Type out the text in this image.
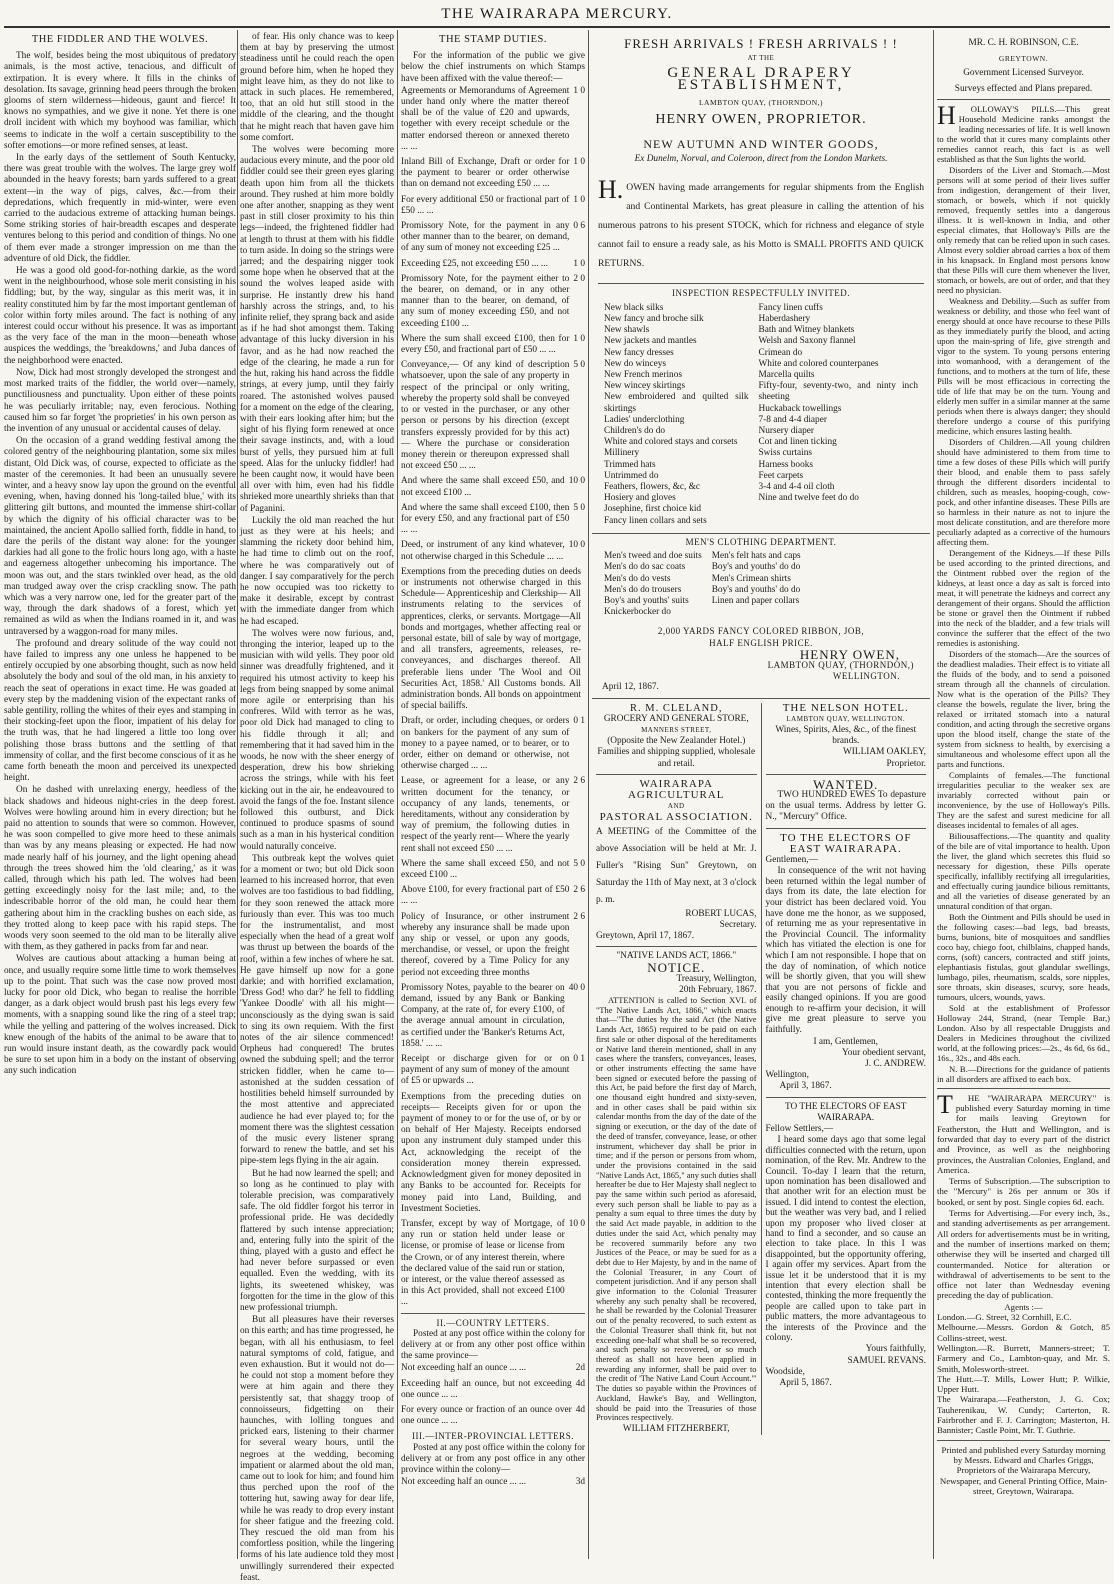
THE WAIRARAPA MERCURY.
THE FIDDLER AND THE WOLVES.

The wolf, besides being the most ubiquitous of predatory animals, is the most active, tenacious, and difficult of extirpation. It is every where. It fills in the chinks of desolation. Its savage, grinning head peers through the broken glooms of stern wilderness—hideous, gaunt and fierce! It knows no sympathies, and we give it none. Yet there is one droll incident with which my boyhood was familiar, which seems to indicate in the wolf a certain susceptibility to the softer emotions—or more refined senses, at least.

In the early days of the settlement of South Kentucky, there was great trouble with the wolves. The large grey wolf abounded in the heavy forests; barn yards suffered to a great extent—in the way of pigs, calves, &c.—from their depredations, which frequently in mid-winter, were even carried to the audacious extreme of attacking human beings. Some striking stories of hair-breadth escapes and desperate ventures belong to this period and condition of things. No one of them ever made a stronger impression on me than the adventure of old Dick, the fiddler.

He was a good old good-for-nothing darkie, as the word went in the neighbourhood, whose sole merit consisting in his fiddling; but, by the way, singular as this merit was, it in reality constituted him by far the most important gentleman of color within forty miles around. The fact is nothing of any interest could occur without his presence. It was as important as the very face of the man in the moon—beneath whose auspices the weddings, the 'breakdowns,' and Juba dances of the neighborhood were enacted.

Now, Dick had most strongly developed the strongest and most marked traits of the fiddler, the world over—namely, punctiliousness and punctuality. Upon either of these points he was peculiarly irritable; nay, even ferocious. Nothing caused him so far forget 'the proprieties' in his own person as the invention of any unusual or accidental causes of delay.

On the occasion of a grand wedding festival among the colored gentry of the neighbouring plantation, some six miles distant, Old Dick was, of course, expected to officiate as the master of the ceremonies. It had been an unusually severe winter, and a heavy snow lay upon the ground on the eventful evening, when, having donned his 'long-tailed blue,' with its glittering gilt buttons, and mounted the immense shirt-collar by which the dignity of his official character was to be maintained, the ancient Apollo sallied forth, fiddle in hand, to dare the perils of the distant way alone: for the younger darkies had all gone to the frolic hours long ago, with a haste and eagerness altogether unbecoming his importance. The moon was out, and the stars twinkled over head, as the old man trudged away over the crisp crackling snow. The path which was a very narrow one, led for the greater part of the way, through the dark shadows of a forest, which yet remained as wild as when the Indians roamed in it, and was untraversed by a waggon-road for many miles.

The profound and dreary solitude of the way could not have failed to impress any one unless he happened to be entirely occupied by one absorbing thought, such as now held absolutely the body and soul of the old man, in his anxiety to reach the seat of operations in exact time. He was goaded at every step by the maddening vision of the expectant ranks of sable gentility, rolling the whites of their eyes and stamping in their stocking-feet upon the floor, impatient of his delay for the truth was, that he had lingered a little too long over polishing those brass buttons and the settling of that immensity of collar, and the first become conscious of it as he came forth beneath the moon and perceived its unexpected height.

On he dashed with unrelaxing energy, heedless of the black shadows and hideous night-cries in the deep forest. Wolves were howling around him in every direction; but he paid no attention to sounds that were so common. However, he was soon compelled to give more heed to these animals than was by any means pleasing or expected. He had now made nearly half of his journey, and the light opening ahead through the trees showed him the 'old clearing,' as it was called, through which his path led. The wolves had been getting exceedingly noisy for the last mile; and, to the indescribable horror of the old man, he could hear them gathering about him in the crackling bushes on each side, as they trotted along to keep pace with his rapid steps. The woods very soon seemed to the old man to be literally alive with them, as they gathered in packs from far and near.

Wolves are cautious about attacking a human being at once, and usually require some little time to work themselves up to the point. That such was the case now proved most lucky for poor old Dick, who began to realise the horrible danger, as a dark object would brush past his legs every few moments, with a snapping sound like the ring of a steel trap; while the yelling and pattering of the wolves increased. Dick knew enough of the habits of the animal to be aware that to run would insure instant death, as the cowardly pack would be sure to set upon him in a body on the instant of observing any such indication

of fear. His only chance was to keep them at bay by preserving the utmost steadiness until he could reach the open ground before him, when he hoped they might leave him, as they do not like to attack in such places. He remembered, too, that an old hut still stood in the middle of the clearing, and the thought that he might reach that haven gave him some comfort.

The wolves were becoming more audacious every minute, and the poor old fiddler could see their green eyes glaring death upon him from all the thickets around. They rushed at him more boldly one after another, snapping as they went past in still closer proximity to his thin legs—indeed, the frightened fiddler had at length to thrust at them with his fiddle to turn aside. In doing so the strings were jarred; and the despairing nigger took some hope when he observed that at the sound the wolves leaped aside with surprise. He instantly drew his hand harshly across the strings, and, to his infinite relief, they sprang back and aside as if he had shot amongst them. Taking advantage of this lucky diversion in his favor, and as he had now reached the edge of the clearing, he made a run for the hut, raking his hand across the fiddle strings, at every jump, until they fairly roared. The astonished wolves paused for a moment on the edge of the clearing, with their ears looking after him; but the sight of his flying form renewed at once their savage instincts, and, with a loud burst of yells, they pursued him at full speed. Alas for the unlucky fiddler! had he been caught now, it would have been all over with him, even had his fiddle shrieked more unearthly shrieks than that of Paganini.

Luckily the old man reached the hut just as they were at his heels; and slamming the rickety door behind him, he had time to climb out on the roof, where he was comparatively out of danger. I say comparatively for the perch he now occupied was too ricketty to make it desirable, except by contrast with the immediate danger from which he had escaped.

The wolves were now furious, and, thronging the interior, leaped up to the musician with wild yells. They poor old sinner was dreadfully frightened, and it required his utmost activity to keep his legs from being snapped by some animal more agile or enterprising than his confreres. Wild with terror as he was, poor old Dick had managed to cling to his fiddle through it all; and remembering that it had saved him in the woods, he now with the sheer energy of desperation, drew his bow shrieking across the strings, while with his feet kicking out in the air, he endeavoured to avoid the fangs of the foe. Instant silence followed this outburst, and Dick continued to produce spasms of sound such as a man in his hysterical condition would naturally conceive.

This outbreak kept the wolves quiet for a moment or two; but old Dick soon learned to his increased horror, that even wolves are too fastidious to bad fiddling, for they soon renewed the attack more furiously than ever. This was too much for the instrumentalist, and most especially when the head of a great wolf was thrust up between the boards of the roof, within a few inches of where he sat. He gave himself up now for a gone darkie; and with horrified exclamation, 'Dress God! who dar?' he fell to fiddling 'Yankee Doodle' with all his might—unconsciously as the dying swan is said to sing its own requiem. With the first notes of the air silence commenced! Orpheus had conquered! The brutes owned the subduing spell; and the terror stricken fiddler, when he came to—astonished at the sudden cessation of hostilities beheld himself surrounded by the most attentive and appreciated audience he had ever played to; for the moment there was the slightest cessation of the music every listener sprang forward to renew the battle, and set his pipe-stem legs flying in the air again.

But he had now learned the spell; and so long as he continued to play with tolerable precision, was comparatively safe. The old fiddler forgot his terror in professional pride. He was decidedly flattered by such intense appreciation; and, entering fully into the spirit of the thing, played with a gusto and effect he had never before surpassed or even equalled. Even the wedding, with its lights, its sweetened whiskey, was forgotten for the time in the glow of this new professional triumph.

But all pleasures have their reverses on this earth; and has time progressed, he began, with all his enthusiasm, to feel natural symptoms of cold, fatigue, and even exhaustion. But it would not do—he could not stop a moment before they were at him again and there they persistently sat, that shaggy troop of connoisseurs, fidgetting on their haunches, with lolling tongues and pricked ears, listening to their charmer for several weary hours, until the negroes at the wedding, becoming impatient or alarmed about the old man, came out to look for him; and found him thus perched upon the roof of the tottering hut, sawing away for dear life, while he was ready to drop every instant for sheer fatigue and the freezing cold. They rescued the old man from his comfortless position, while the lingering forms of his late audience told they most unwillingly surrendered their expected feast.

THE STAMP DUTIES.

For the information of the public we give below the chief instruments on which Stamps have been affixed with the value thereof:—

Agreements or Memorandums of Agreement under hand only where the matter thereof shall be of the value of £20 and upwards, together with every receipt schedule or the matter endorsed thereon or annexed thereto ... ...
1 0
Inland Bill of Exchange, Draft or order for the payment to bearer or order otherwise than on demand not exceeding £50 ... ...
1 0
For every additional £50 or fractional part of £50 ... ...
1 0
Promissory Note, for the payment in any other manner than to the bearer, on demand, of any sum of money not exceeding £25 ...
0 6
Exceeding £25, not exceeding £50 ... ...	1 0
Promissory Note, for the payment either to the bearer, on demand, or in any other manner than to the bearer, on demand, of any sum of money exceeding £50, and not exceeding £100 ...
2 0
Where the sum shall exceed £100, then for every £50, and fractional part of £50 ... ...
1 0
Conveyance,— Of any kind of description whatsoever, upon the sale of any property in respect of the principal or only writing, whereby the property sold shall be conveyed to or vested in the purchaser, or any other person or persons by his direction (except transfers expressly provided for by this act)— Where the purchase or consideration money therein or thereupon expressed shall not exceed £50 ... ...
5 0
And where the same shall exceed £50, and not exceed £100 ...
10 0
And where the same shall exceed £100, then for every £50, and any fractional part of £50 ... ...
5 0
Deed, or instrument of any kind whatever, not otherwise charged in this Schedule ... ...
10 0
Exemptions from the preceding duties on deeds or instruments not otherwise charged in this Schedule— Apprenticeship and Clerkship— All instruments relating to the services of apprentices, clerks, or servants. Mortgage—All bonds and mortgages, whether affecting real or personal estate, bill of sale by way of mortgage, and all transfers, agreements, releases, re-conveyances, and discharges thereof. All preferable liens under 'The Wool and Oil Securities Act, 1858.' All Customs bonds. All administration bonds. All bonds on appointment of special bailiffs.
Draft, or order, including cheques, or orders on bankers for the payment of any sum of money to a payee named, or to bearer, or to order, either on demand or otherwise, not otherwise charged ... ...
0 1
Lease, or agreement for a lease, or any written document for the tenancy, or occupancy of any lands, tenements, or hereditaments, without any consideration by way of premium, the following duties in respect of the yearly rent— Where the yearly rent shall not exceed £50 ... ...
2 6
Where the same shall exceed £50, and not exceed £100 ...
5 0
Above £100, for every fractional part of £50 ... ...
2 6
Policy of Insurance, or other instrument whereby any insurance shall be made upon any ship or vessel, or upon any goods, merchandise, or vessel, or upon the freight thereof, covered by a Time Policy for any period not exceeding three months
2 6
Promissory Notes, payable to the bearer on demand, issued by any Bank or Banking Company, at the rate of, for every £100, of the average annual amount in circulation, as certified under the 'Banker's Returns Act, 1858.' ... ...
40 0
Receipt or discharge given for or on payment of any sum of money of the amount of £5 or upwards ...
0 1
Exemptions from the preceding duties on receipts— Receipts given for or upon the payment of money to or for the use of, or by or on behalf of Her Majesty. Receipts endorsed upon any instrument duly stamped under this Act, acknowledging the receipt of the consideration money therein expressed. Acknowledgment given for money deposited in any Banks to be accounted for. Receipts for money paid into Land, Building, and Investment Societies.
Transfer, except by way of Mortgage, of any run or station held under lease or license, or promise of lease or license from the Crown, or of any interest therein, where the declared value of the said run or station, or interest, or the value thereof assessed as in this Act provided, shall not exceed £100 ...
10 0
II.—COUNTRY LETTERS.

Posted at any post office within the colony for delivery at or from any other post office within the same province—

Not exceeding half an ounce ... ...	2d
Exceeding half an ounce, but not exceeding one ounce ... ...
4d
For every ounce or fraction of an ounce over one ounce ... ...
4d
III.—INTER-PROVINCIAL LETTERS.

Posted at any post office within the colony for delivery at or from any post office in any other province within the colony—

Not exceeding half an ounce ... ...	3d
FRESH ARRIVALS ! FRESH ARRIVALS ! !
AT THE
GENERAL DRAPERY ESTABLISHMENT,
LAMBTON QUAY, (THORNDON,)
HENRY OWEN, PROPRIETOR.
NEW AUTUMN AND WINTER GOODS,
Ex Dunelm, Norval, and Coleroon, direct from the London Markets.
H. OWEN having made arrangements for regular shipments from the English and Continental Markets, has great pleasure in calling the attention of his numerous patrons to his present STOCK, which for richness and elegance of style cannot fail to ensure a ready sale, as his Motto is SMALL PROFITS AND QUICK RETURNS.
INSPECTION RESPECTFULLY INVITED.
New black silks
New fancy and broche silk
New shawls
New jackets and mantles
New fancy dresses
New do winceys
New French merinos
New wincey skirtings
New embroidered and quilted silk skirtings
Ladies' underclothing
Children's do do
White and colored stays and corsets
Millinery
Trimmed hats
Untrimmed do
Feathers, flowers, &c, &c
Hosiery and gloves
Josephine, first choice kid
Fancy linen collars and sets
Fancy linen cuffs
Haberdashery
Bath and Witney blankets
Welsh and Saxony flannel
Crimean do
White and colored counterpanes
Marcella quilts
Fifty-four, seventy-two, and ninty inch sheeting
Huckaback towellings
7-8 and 4-4 diaper
Nursery diaper
Cot and linen ticking
Swiss curtains
Harness books
Feet carpets
3-4 and 4-4 oil cloth
Nine and twelve feet do do
MEN'S CLOTHING DEPARTMENT.
Men's tweed and doe suits
Men's do do sac coats
Men's do do vests
Men's do do trousers
Boy's and youths' suits
Knickerbocker do
Men's felt hats and caps
Boy's and youths' do do
Men's Crimean shirts
Boy's and youths' do do
Linen and paper collars
2,000 YARDS FANCY COLORED RIBBON, JOB,
HALF ENGLISH PRICE.
HENRY OWEN,
LAMBTON QUAY, (THORNDON,)
WELLINGTON.
April 12, 1867.
R. M. CLELAND,
GROCERY AND GENERAL STORE,
MANNERS STREET,
(Opposite the New Zealander Hotel.)
Families and shipping supplied, wholesale and retail.
WAIRARAPA AGRICULTURAL
AND
PASTORAL ASSOCIATION.
A MEETING of the Committee of the above Association will be held at Mr. J. Fuller's "Rising Sun" Greytown, on Saturday the 11th of May next, at 3 o'clock p. m.
ROBERT LUCAS,
Secretary.
Greytown, April 17, 1867.
"NATIVE LANDS ACT, 1866."
NOTICE.
Treasury, Wellington,
20th February, 1867.

ATTENTION is called to Section XVI. of "The Native Lands Act, 1866," which enacts that—"The duties by the said Act (the Native Lands Act, 1865) required to be paid on each first sale or other disposal of the hereditaments or Native land therein mentioned, shall in any cases where the transfers, conveyances, leases, or other instruments effecting the same have been signed or executed before the passing of this Act, be paid before the first day of March, one thousand eight hundred and sixty-seven, and in other cases shall be paid within six calendar months from the day of the date of the signing or execution, or the day of the date of the deed of transfer, conveyance, lease, or other instrument, whichever day shall be prior in time; and if the person or persons from whom, under the provisions contained in the said "Native Lands Act, 1865," any such duties shall hereafter be due to Her Majesty shall neglect to pay the same within such period as aforesaid, every such person shall be liable to pay as a penalty a sum equal to three times the duty by the said Act made payable, in addition to the duties under the said Act, which penalty may be recovered summarily before any two Justices of the Peace, or may be sued for as a debt due to Her Majesty, by and in the name of the Colonial Treasurer, in any Court of competent jurisdiction. And if any person shall give information to the Colonial Treasurer whereby any such penalty shall be recovered, he shall be rewarded by the Colonial Treasurer out of the penalty recovered, to such extent as the Colonial Treasurer shall think fit, but not exceeding one-half what shall be so recovered, and such penalty so recovered, or so much thereof as shall not have been applied in rewarding any informer, shall be paid over to the credit of 'The Native Land Court Account.'" The duties so payable within the Provinces of Auckland, Hawke's Bay, and Wellington, should be paid into the Treasuries of those Provinces respectively.

WILLIAM FITZHERBERT,
THE NELSON HOTEL.
LAMBTON QUAY, WELLINGTON.
Wines, Spirits, Ales, &c., of the finest brands.
WILLIAM OAKLEY,
Proprietor.
WANTED.

TWO HUNDRED EWES To depasture on the usual terms. Address by letter G. N., "Mercury" Office.

TO THE ELECTORS OF EAST WAIRARAPA.
Gentlemen,—

In consequence of the writ not having been returned within the legal number of days from its date, the late election for your district has been declared void. You have done me the honor, as we supposed, of returning me as your representative in the Provincial Council. The informality which has vitiated the election is one for which I am not responsible. I hope that on the day of nomination, of which notice will be shortly given, that you will shew that you are not persons of fickle and easily changed opinions. If you are good enough to re-affirm your decision, it will give me great pleasure to serve you faithfully.

I am, Gentlemen,
Your obedient servant,
J. C. ANDREW.
Wellington,
April 3, 1867.
TO THE ELECTORS OF EAST WAIRARAPA.
Fellow Settlers,—

I heard some days ago that some legal difficulties connected with the return, upon nomination, of the Rev. Mr. Andrew to the Council. To-day I learn that the return, upon nomination has been disallowed and that another writ for an election must be issued. I did intend to contest the election, but the weather was very bad, and I relied upon my proposer who lived closer at hand to find a seconder, and so cause an election to take place. In this I was disappointed, but the opportunity offering, I again offer my services. Apart from the issue let it be understood that it is my intention that every election shall be contested, thinking the more frequently the people are called upon to take part in public matters, the more advantageous to the interests of the Province and the colony.

Yours faithfully,
SAMUEL REVANS.
Woodside,
April 5, 1867.
MR. C. H. ROBINSON, C.E.
GREYTOWN.
Government Licensed Surveyor.
Surveys effected and Plans prepared.
H	OLLOWAY'S PILLS.—This great Household Medicine ranks amongst the leading necessaries of life. It is well known to the world that it cures many complaints other remedies cannot reach, this fact is as well established as that the Sun lights the world.

Disorders of the Liver and Stomach.—Most persons will at some period of their lives suffer from indigestion, derangement of their liver, stomach, or bowels, which if not quickly removed, frequently settles into a dangerous illness. It is well-known in India, and other especial climates, that Holloway's Pills are the only remedy that can be relied upon in such cases. Almost every soldier abroad carries a box of them in his knapsack. In England most persons know that these Pills will cure them whenever the liver, stomach, or bowels, are out of order, and that they need no physician.

Weakness and Debility.—Such as suffer from weakness or debility, and those who feel want of energy should at once have recourse to these Pills as they immediately purify the blood, and acting upon the main-spring of life, give strength and vigor to the system. To young persons entering into womanhood, with a derangement of the functions, and to mothers at the turn of life, these Pills will be most efficacious in correcting the tide of life that may be on the turn. Young and elderly men suffer in a similar manner at the same periods when there is always danger; they should therefore undergo a course of this purifying medicine, which ensures lasting health.

Disorders of Children.—All young children should have administered to them from time to time a few doses of these Pills which will purify their blood, and enable them to pass safely through the different disorders incidental to children, such as measles, hooping-cough, cow-pock, and other infantine diseases. These Pills are so harmless in their nature as not to injure the most delicate constitution, and are therefore more peculiarly adapted as a corrective of the humours affecting them.

Derangement of the Kidneys.—If these Pills be used according to the printed directions, and the Ointment rubbed over the region of the kidneys, at least once a day as salt is forced into meat, it will penetrate the kidneys and correct any derangement of their organs. Should the affliction be stone or gravel then the Ointment if rubbed into the neck of the bladder, and a few trials will convince the sufferer that the effect of the two remedies is astonishing.

Disorders of the stomach—Are the sources of the deadliest maladies. Their effect is to vitiate all the fluids of the body, and to send a poisoned stream through all the channels of circulation. Now what is the operation of the Pills? They cleanse the bowels, regulate the liver, bring the relaxed or irritated stomach into a natural condition, and acting through the secretive organs upon the blood itself, change the state of the system from sickness to health, by exercising a simultaneous and wholesome effect upon all the parts and functions.

Complaints of females.—The functional irregularities peculiar to the weaker sex are invariably corrected without pain or inconvenience, by the use of Holloway's Pills. They are the safest and surest medicine for all diseases incidental to females of all ages.

Biliousaffections.—The quantity and quality of the bile are of vital importance to health. Upon the liver, the gland which secretes this fluid so necessary for digestion, these Pills operate specifically, infallibly rectifying all irregularities, and effectually curing jaundice bilious remittants, and all the varieties of disease generated by an unnatural condition of that organ.

Both the Ointment and Pills should be used in the following cases:—bad legs, bad breasts, burns, bunions, bite of mosquitoes and sandflies coco bay, chiego foot, chilblains, chapped hands, corns, (soft) cancers, contracted and stiff joints, elephantiasis fistulas, gout glandular swellings, lumbago, piles, rheumatism, scalds, sore nipples, sore throats, skin diseases, scurvy, sore heads, tumours, ulcers, wounds, yaws.

Sold at the establishment of Professor Holloway 244, Strand, (near Temple Bar,) London. Also by all respectable Druggists and Dealers in Medicines throughout the civilized world, at the following prices:—2s., 4s 6d, 6s 6d., 16s., 32s., and 48s each.

N. B.—Directions for the guidance of patients in all disorders are affixed to each box.

T	HE "WAIRARAPA MERCURY" is published every Saturday morning in time for mails leaving Greytown for Featherston, the Hutt and Wellington, and is forwarded that day to every part of the district and Province, as well as the neighboring provinces, the Australian Colonies, England, and America.

Terms of Subscription.—The subscription to the "Mercury" is 26s per annum or 30s if booked, or sent by post. Single copies 6d. each.

Terms for Advertising.—For every inch, 3s., and standing advertisements as per arrangement. All orders for advertisements must be in writing, and the number of insertions marked on them; otherwise they will be inserted and charged till countermanded. Notice for alteration or withdrawal of advertisements to be sent to the office not later than Wednesday evening preceding the day of publication.

Agents :—
London.—G. Street, 32 Cornhill, E.C.
Melbourne.—Messrs. Gordon & Gotch, 85 Collins-street, west.
Wellington.—R. Burrett, Manners-street; T. Farmery and Co., Lambton-quay, and Mr. S. Smith, Molesworth-street.
The Hutt.—T. Mills, Lower Hutt; P. Wilkie, Upper Hutt.
The Wairarapa.—Featherston, J. G. Cox; Tauherenikau, W. Cundy; Carterton, R. Fairbrother and F. J. Carrington; Masterton, H. Bannister; Castle Point, Mr. T. Guthrie.
Printed and published every Saturday morning by Messrs. Edward and Charles Griggs, Proprietors of the Wairarapa Mercury, Newspaper, and General Printing Office, Main-street, Greytown, Wairarapa.
